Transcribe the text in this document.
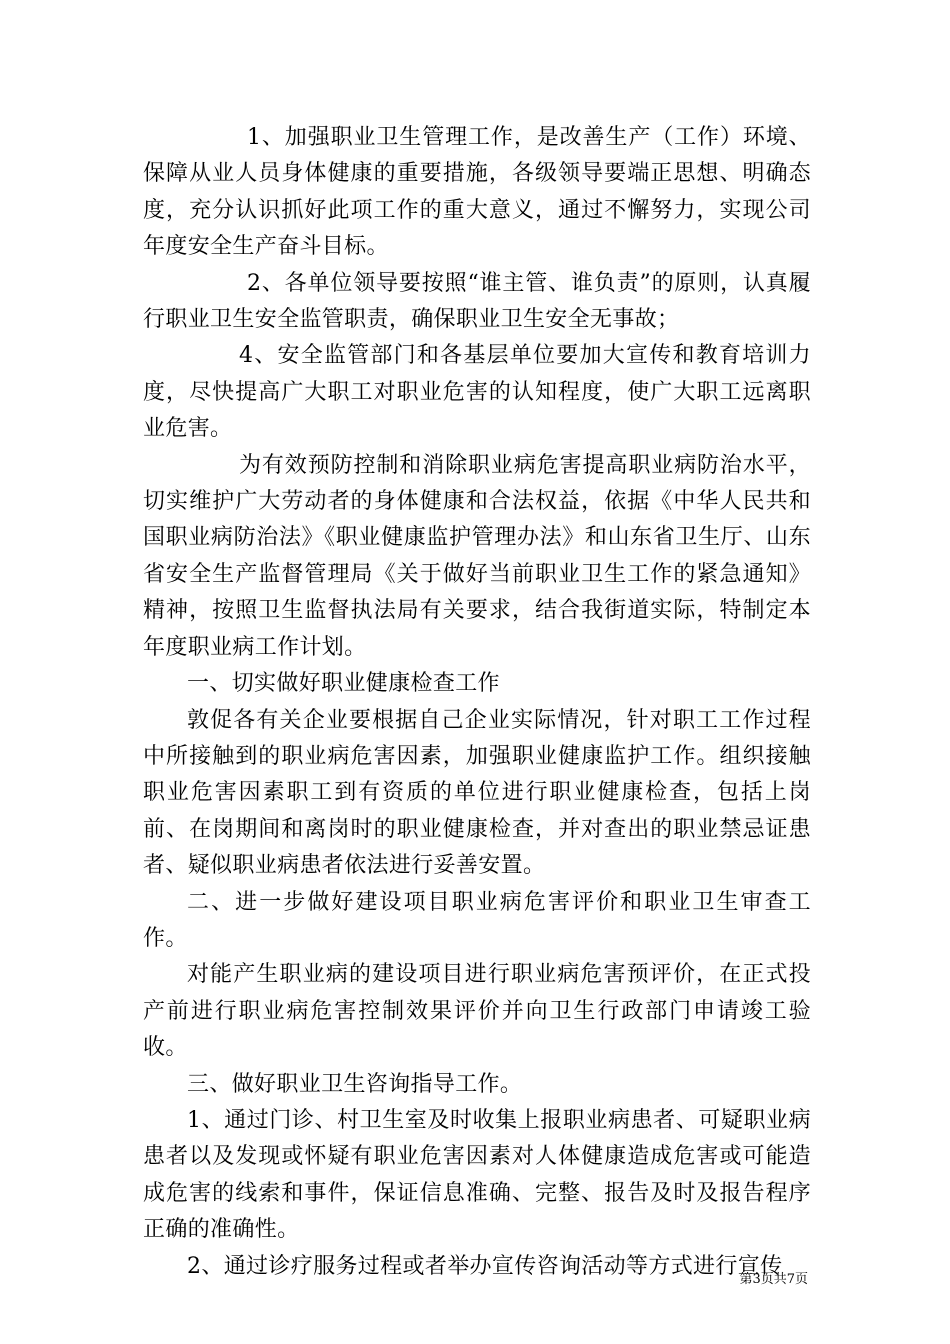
1、加强职业卫生管理工作，是改善生产（工作）环境、保障从业人员身体健康的重要措施，各级领导要端正思想、明确态度，充分认识抓好此项工作的重大意义，通过不懈努力，实现公司年度安全生产奋斗目标。

2、各单位领导要按照“谁主管、谁负责”的原则，认真履行职业卫生安全监管职责，确保职业卫生安全无事故；

4、安全监管部门和各基层单位要加大宣传和教育培训力度，尽快提高广大职工对职业危害的认知程度，使广大职工远离职业危害。

为有效预防控制和消除职业病危害提高职业病防治水平，切实维护广大劳动者的身体健康和合法权益，依据《中华人民共和国职业病防治法》《职业健康监护管理办法》和山东省卫生厅、山东省安全生产监督管理局《关于做好当前职业卫生工作的紧急通知》精神，按照卫生监督执法局有关要求，结合我街道实际，特制定本年度职业病工作计划。

一、切实做好职业健康检查工作

敦促各有关企业要根据自己企业实际情况，针对职工工作过程中所接触到的职业病危害因素，加强职业健康监护工作。组织接触职业危害因素职工到有资质的单位进行职业健康检查，包括上岗前、在岗期间和离岗时的职业健康检查，并对查出的职业禁忌证患者、疑似职业病患者依法进行妥善安置。

二、进一步做好建设项目职业病危害评价和职业卫生审查工作。

对能产生职业病的建设项目进行职业病危害预评价，在正式投产前进行职业病危害控制效果评价并向卫生行政部门申请竣工验收。

三、做好职业卫生咨询指导工作。

1、通过门诊、村卫生室及时收集上报职业病患者、可疑职业病患者以及发现或怀疑有职业危害因素对人体健康造成危害或可能造成危害的线索和事件，保证信息准确、完整、报告及时及报告程序正确的准确性。

2、通过诊疗服务过程或者举办宣传咨询活动等方式进行宣传

第3页共7页
